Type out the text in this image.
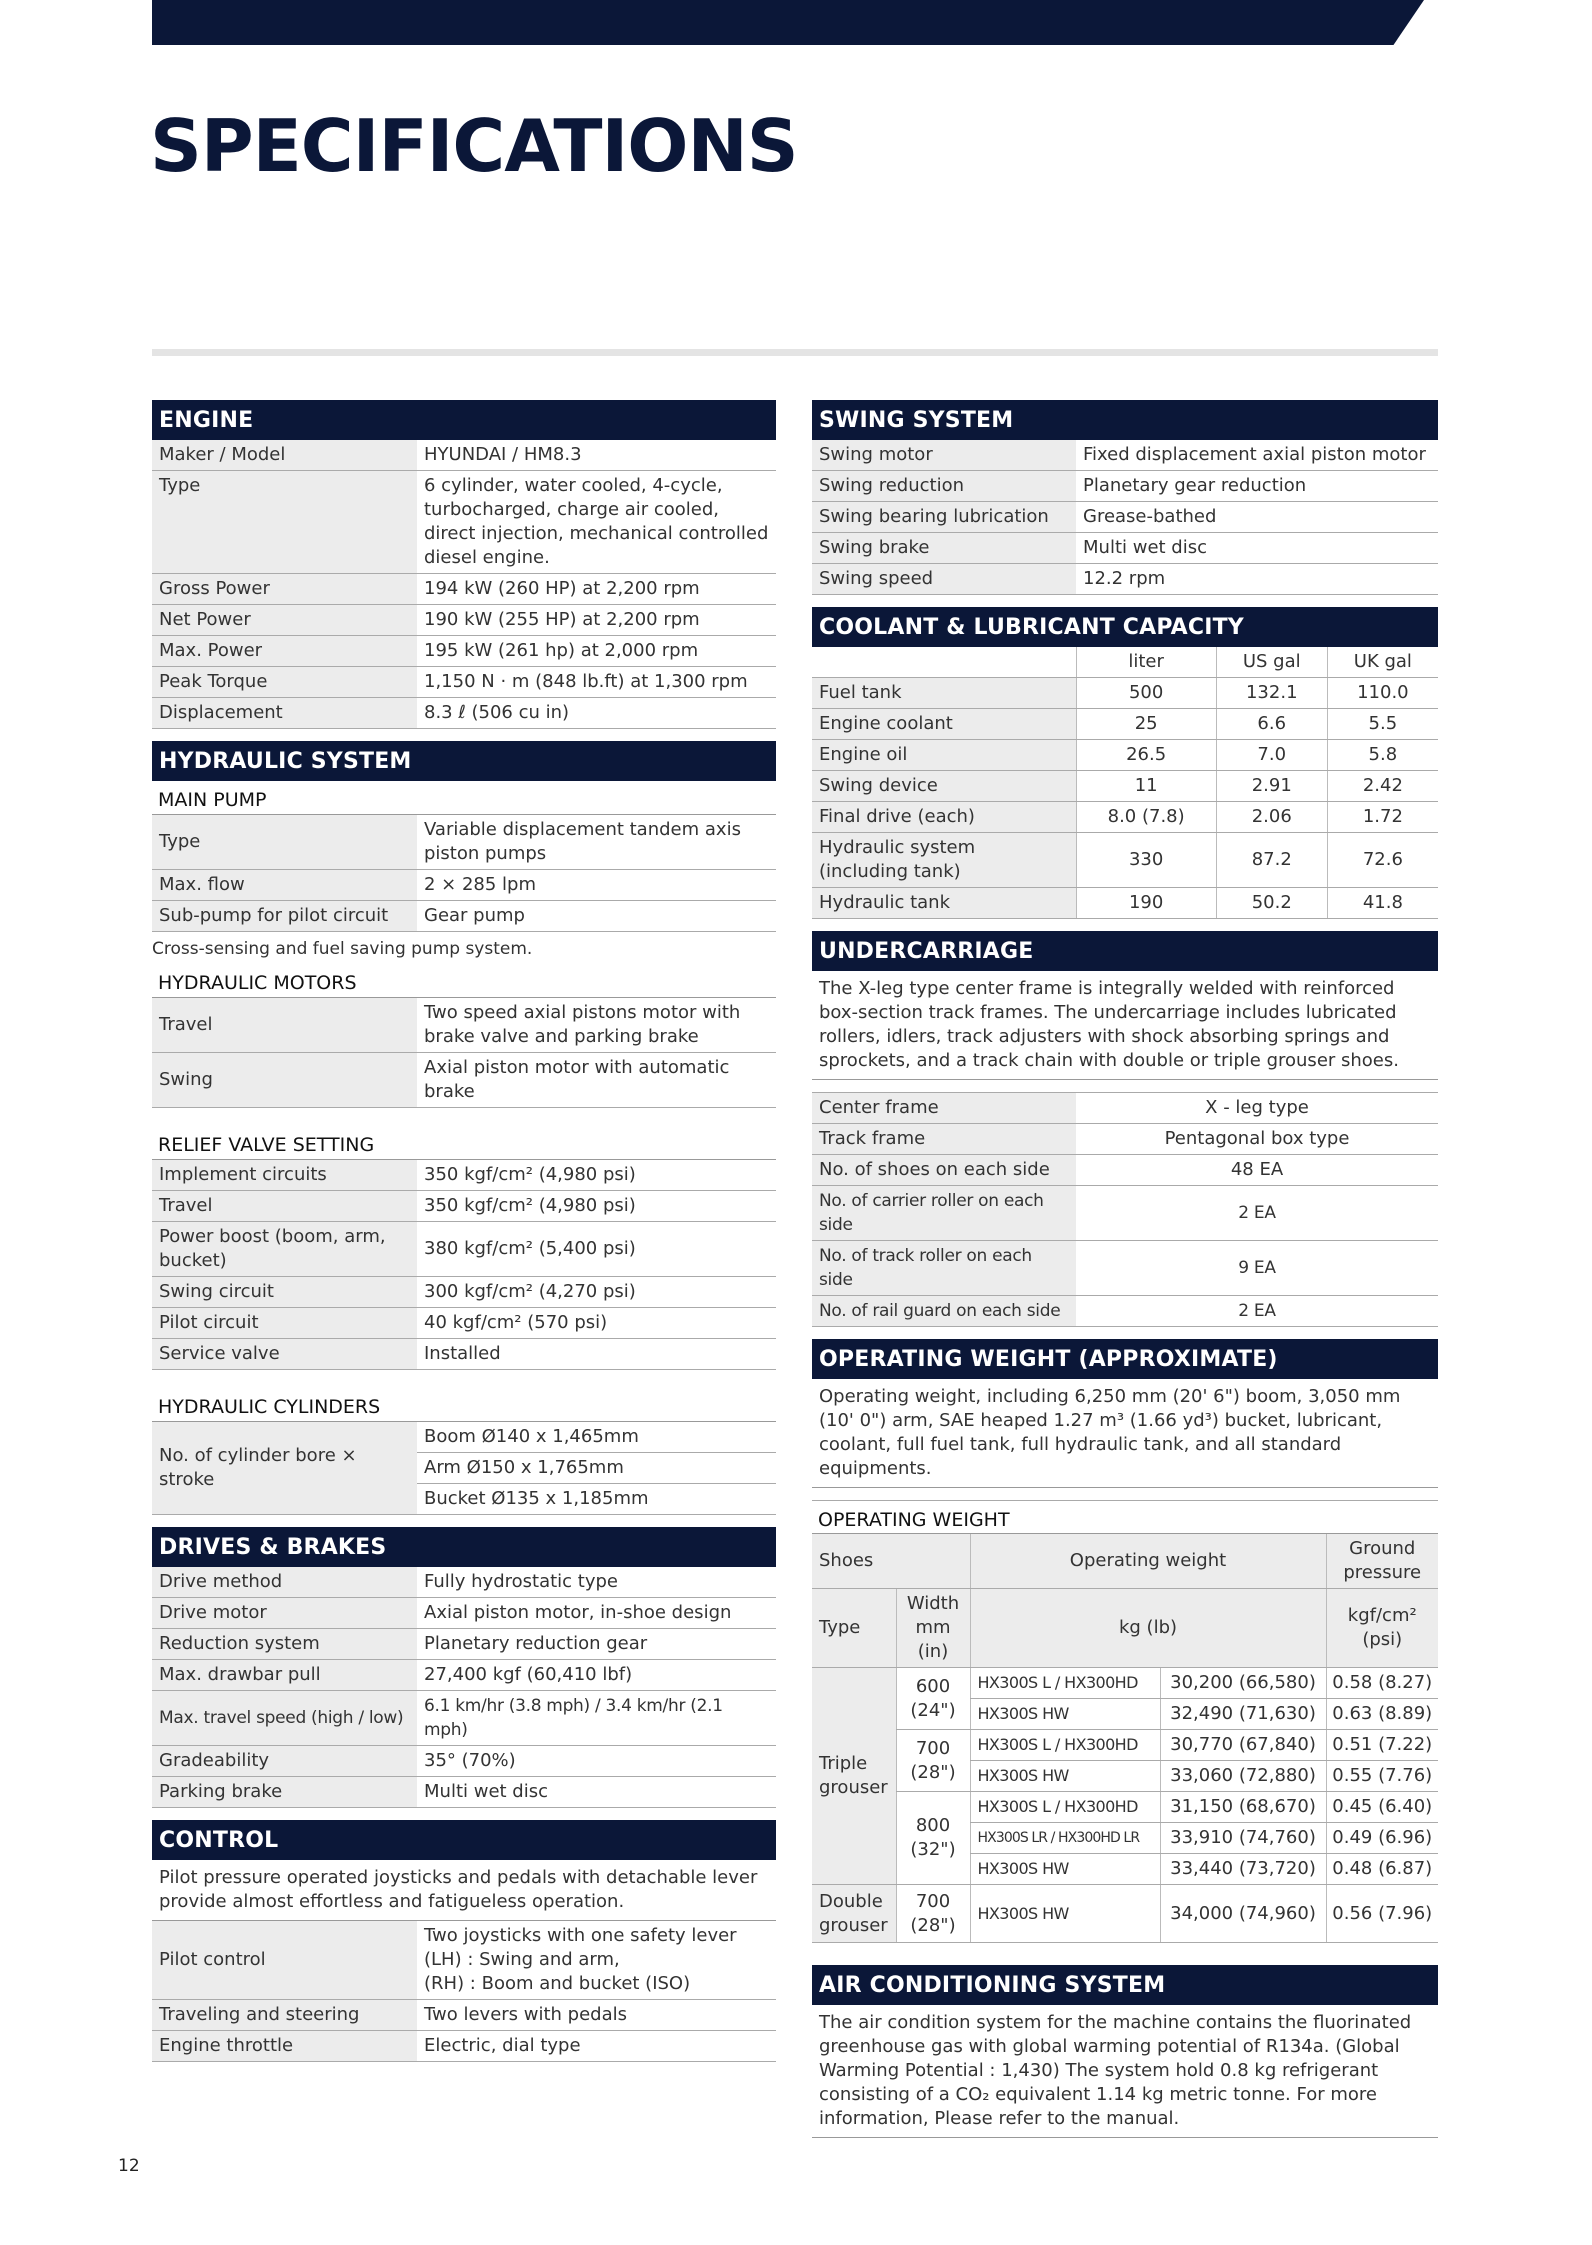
SPECIFICATIONS
ENGINE
Maker / Model	HYUNDAI / HM8.3
Type	6 cylinder, water cooled, 4-cycle, turbocharged, charge air cooled, direct injection, mechanical controlled diesel engine.
Gross Power	194 kW (260 HP) at 2,200 rpm
Net Power	190 kW (255 HP) at 2,200 rpm
Max. Power	195 kW (261 hp) at 2,000 rpm
Peak Torque	1,150 N · m (848 lb.ft) at 1,300 rpm
Displacement	8.3 ℓ (506 cu in)
HYDRAULIC SYSTEM
MAIN PUMP
Type	Variable displacement tandem axis piston pumps
Max. flow	2 × 285 lpm
Sub-pump for pilot circuit	Gear pump
Cross-sensing and fuel saving pump system.
HYDRAULIC MOTORS
Travel	Two speed axial pistons motor with brake valve and parking brake
Swing	Axial piston motor with automatic brake
RELIEF VALVE SETTING
Implement circuits	350 kgf/cm² (4,980 psi)
Travel	350 kgf/cm² (4,980 psi)
Power boost (boom, arm, bucket)	380 kgf/cm² (5,400 psi)
Swing circuit	300 kgf/cm² (4,270 psi)
Pilot circuit	40 kgf/cm² (570 psi)
Service valve	Installed
HYDRAULIC CYLINDERS
No. of cylinder bore × stroke	Boom Ø140 x 1,465mm
Arm Ø150 x 1,765mm
Bucket Ø135 x 1,185mm
DRIVES & BRAKES
Drive method	Fully hydrostatic type
Drive motor	Axial piston motor, in-shoe design
Reduction system	Planetary reduction gear
Max. drawbar pull	27,400 kgf (60,410 lbf)
Max. travel speed (high / low)	6.1 km/hr (3.8 mph) / 3.4 km/hr (2.1 mph)
Gradeability	35° (70%)
Parking brake	Multi wet disc
CONTROL
Pilot pressure operated joysticks and pedals with detachable lever provide almost effortless and fatigueless operation.
Pilot control	Two joysticks with one safety lever
(LH) : Swing and arm,
(RH) : Boom and bucket (ISO)

Traveling and steering	Two levers with pedals
Engine throttle	Electric, dial type
SWING SYSTEM
Swing motor	Fixed displacement axial piston motor
Swing reduction	Planetary gear reduction
Swing bearing lubrication	Grease-bathed
Swing brake	Multi wet disc
Swing speed	12.2 rpm
COOLANT & LUBRICANT CAPACITY
	liter	US gal	UK gal
Fuel tank	500	132.1	110.0
Engine coolant	25	6.6	5.5
Engine oil	26.5	7.0	5.8
Swing device	11	2.91	2.42
Final drive (each)	8.0 (7.8)	2.06	1.72
Hydraulic system (including tank)	330	87.2	72.6
Hydraulic tank	190	50.2	41.8
UNDERCARRIAGE
The X-leg type center frame is integrally welded with reinforced box-section track frames. The undercarriage includes lubricated rollers, idlers, track adjusters with shock absorbing springs and sprockets, and a track chain with double or triple grouser shoes.
Center frame	X - leg type
Track frame	Pentagonal box type
No. of shoes on each side	48 EA
No. of carrier roller on each side	2 EA
No. of track roller on each side	9 EA
No. of rail guard on each side	2 EA
OPERATING WEIGHT (APPROXIMATE)
Operating weight, including 6,250 mm (20' 6") boom, 3,050 mm (10' 0") arm, SAE heaped 1.27 m³ (1.66 yd³) bucket, lubricant, coolant, full fuel tank, full hydraulic tank, and all standard equipments.
OPERATING WEIGHT
Shoes		Operating weight		Ground pressure
Type	Width mm (in)	kg (lb)		kgf/cm² (psi)
Triple grouser	600 (24")	HX300S L / HX300HD	30,200 (66,580)	0.58 (8.27)
		HX300S HW	32,490 (71,630)	0.63 (8.89)
	700 (28")	HX300S L / HX300HD	30,770 (67,840)	0.51 (7.22)
		HX300S HW	33,060 (72,880)	0.55 (7.76)
	800 (32")	HX300S L / HX300HD	31,150 (68,670)	0.45 (6.40)
		HX300S LR / HX300HD LR	33,910 (74,760)	0.49 (6.96)
		HX300S HW	33,440 (73,720)	0.48 (6.87)
Double grouser	700 (28")	HX300S HW	34,000 (74,960)	0.56 (7.96)
AIR CONDITIONING SYSTEM
The air condition system for the machine contains the fluorinated greenhouse gas with global warming potential of R134a. (Global Warming Potential : 1,430) The system hold 0.8 kg refrigerant consisting of a CO₂ equivalent 1.14 kg metric tonne. For more information, Please refer to the manual.
12
